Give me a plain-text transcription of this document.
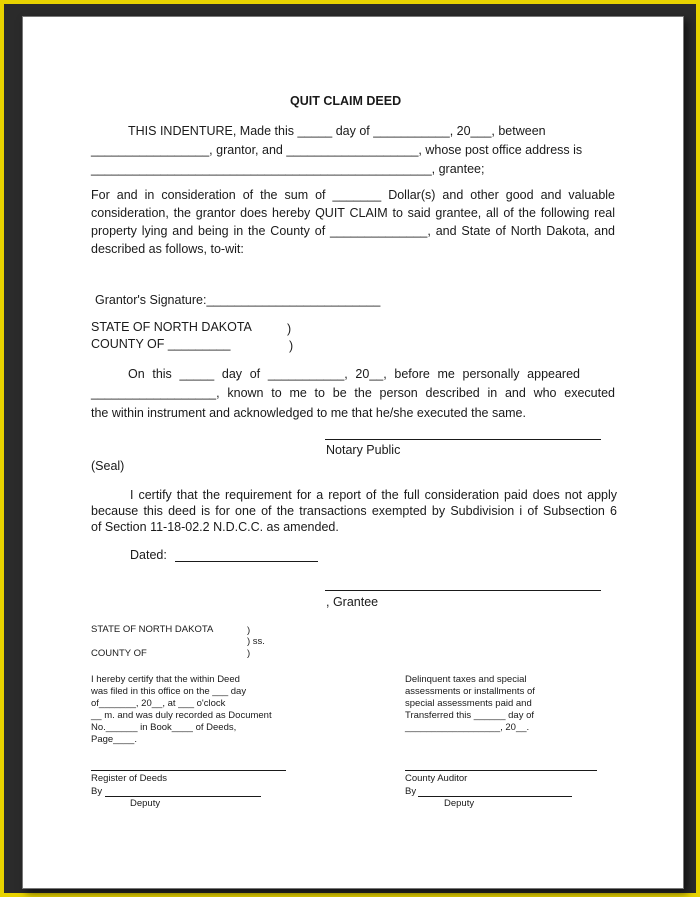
QUIT CLAIM DEED
THIS INDENTURE, Made this _____ day of ___________, 20___, between
_________________, grantor, and ___________________, whose post office address is
_________________________________________________, grantee;
For and in consideration of the sum of _______ Dollar(s) and other good and valuable
consideration, the grantor does hereby QUIT CLAIM to said grantee, all of the following real
property lying and being in the County of ______________, and State of North Dakota, and
described as follows, to-wit:
Grantor's Signature:_________________________
STATE OF NORTH DAKOTA	)
COUNTY OF _________	)
On this _____ day of ___________, 20__, before me personally appeared
__________________, known to me to be the person described in and who executed
the within instrument and acknowledged to me that he/she executed the same.
Notary Public
(Seal)
I certify that the requirement for a report of the full consideration paid does not apply
because this deed is for one of the transactions exempted by Subdivision i of Subsection 6
of Section 11-18-02.2 N.D.C.C. as amended.
Dated:
, Grantee
STATE OF NORTH DAKOTA	)
) ss.
COUNTY OF	)
I hereby certify that the within Deed
was filed in this office on the ___ day
of_______, 20__, at ___ o'clock
__ m. and was duly recorded as Document
No.______ in Book____ of Deeds,
Page____.
Delinquent taxes and special
assessments or installments of
special assessments paid and
Transferred this ______ day of
__________________, 20__.
Register of Deeds
By
Deputy
County Auditor
By
Deputy
